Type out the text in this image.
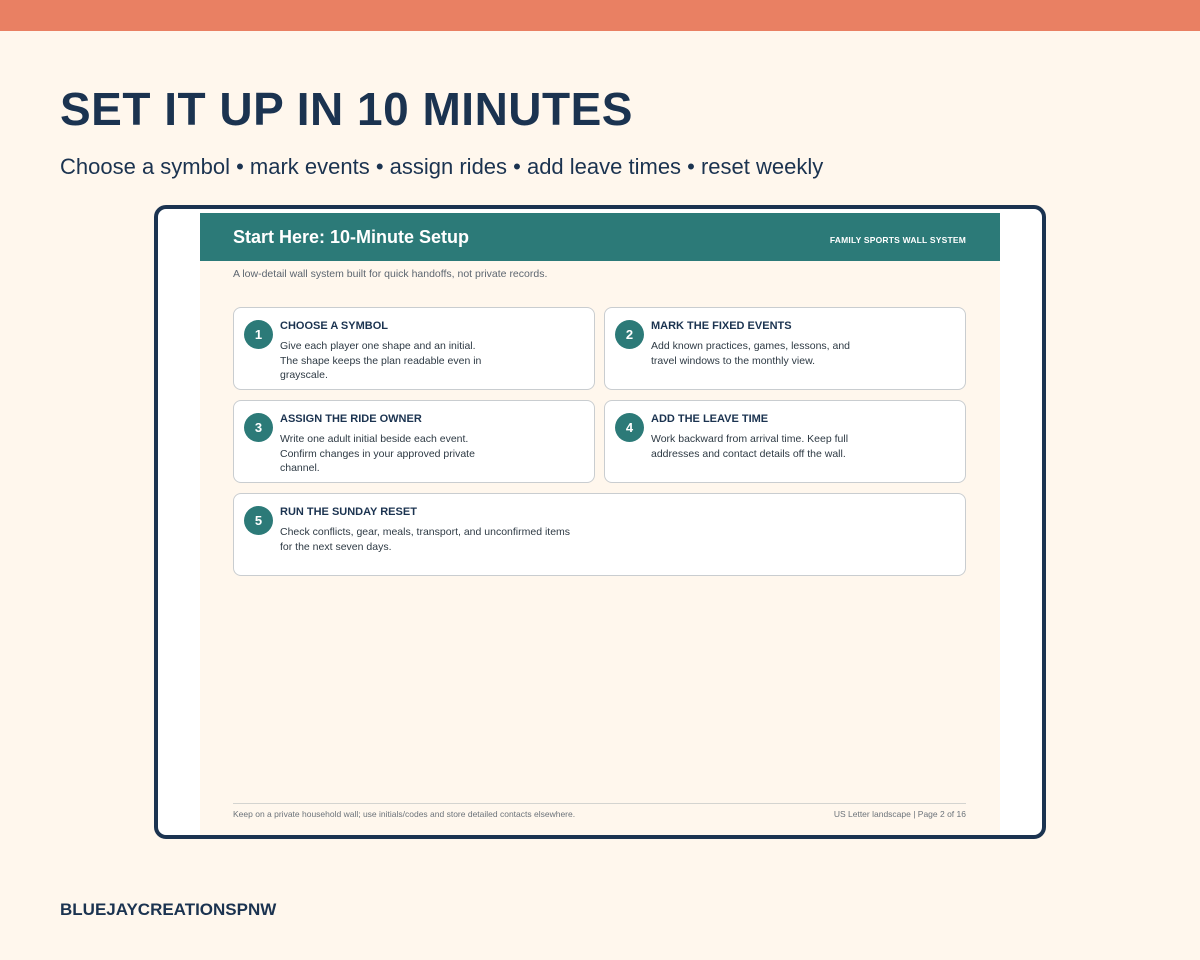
SET IT UP IN 10 MINUTES
Choose a symbol • mark events • assign rides • add leave times • reset weekly
Start Here: 10-Minute Setup	FAMILY SPORTS WALL SYSTEM
A low-detail wall system built for quick handoffs, not private records.
1
CHOOSE A SYMBOL
Give each player one shape and an initial.
The shape keeps the plan readable even in
grayscale.
2
MARK THE FIXED EVENTS
Add known practices, games, lessons, and
travel windows to the monthly view.
3
ASSIGN THE RIDE OWNER
Write one adult initial beside each event.
Confirm changes in your approved private
channel.
4
ADD THE LEAVE TIME
Work backward from arrival time. Keep full
addresses and contact details off the wall.
5
RUN THE SUNDAY RESET
Check conflicts, gear, meals, transport, and unconfirmed items
for the next seven days.
Keep on a private household wall; use initials/codes and store detailed contacts elsewhere.	US Letter landscape | Page 2 of 16
BLUEJAYCREATIONSPNW
